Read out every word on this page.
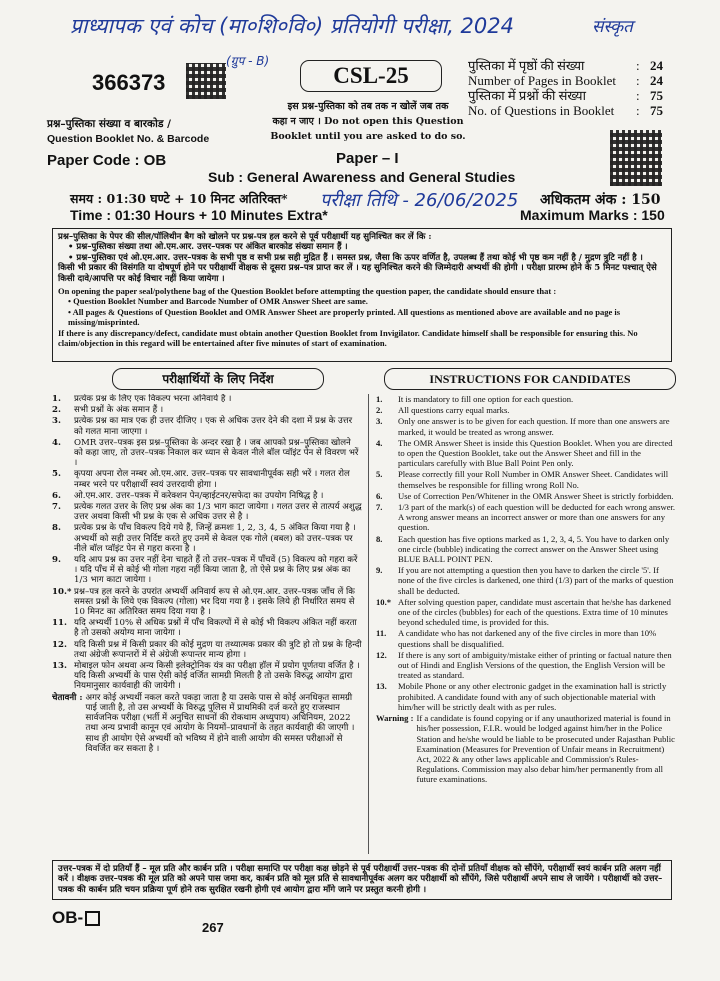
प्राध्यापक एवं कोच (मा०शि०वि०) प्रतियोगी परीक्षा, 2024	संस्कृत
366373
(ग्रुप - B)
प्रश्न–पुस्तिका संख्या व बारकोड /
Question Booklet No. & Barcode
Paper Code : OB
CSL-25
इस प्रश्न-पुस्तिका को तब तक न खोलें जब तक
कहा न जाए । Do not open this Question
Booklet until you are asked to do so.
पुस्तिका में पृष्ठों की संख्या	: 24
Number of Pages in Booklet	: 24
पुस्तिका में प्रश्नों की संख्या	: 75
No. of Questions in Booklet	: 75
Paper – I
Sub : General Awareness and General Studies
समय : 01:30 घण्टे + 10 मिनट अतिरिक्त*
Time : 01:30 Hours + 10 Minutes Extra*
परीक्षा तिथि - 26/06/2025 अधिकतम अंक : 150
Maximum Marks : 150
प्रश्न–पुस्तिका के पेपर की सील/पॉलिथीन बैग को खोलने पर प्रश्न-पत्र हल करने से पूर्व परीक्षार्थी यह सुनिश्चित कर लें कि :
• प्रश्न–पुस्तिका संख्या तथा ओ.एम.आर. उत्तर–पत्रक पर अंकित बारकोड संख्या समान हैं ।
• प्रश्न–पुस्तिका एवं ओ.एम.आर. उत्तर–पत्रक के सभी पृष्ठ व सभी प्रश्न सही मुद्रित हैं । समस्त प्रश्न, जैसा कि ऊपर वर्णित है, उपलब्ध हैं तथा कोई भी पृष्ठ कम नहीं है / मुद्रण त्रुटि नहीं है ।
किसी भी प्रकार की विसंगति या दोषपूर्ण होने पर परीक्षार्थी वीक्षक से दूसरा प्रश्न–पत्र प्राप्त कर लें । यह सुनिश्चित करने की जिम्मेदारी अभ्यर्थी की होगी । परीक्षा प्रारम्भ होने के 5 मिनट पश्चात् ऐसे किसी दावे/आपत्ति पर कोई विचार नहीं किया जायेगा ।
On opening the paper seal/polythene bag of the Question Booklet before attempting the question paper, the candidate should ensure that :
• Question Booklet Number and Barcode Number of OMR Answer Sheet are same.
• All pages & Questions of Question Booklet and OMR Answer Sheet are properly printed. All questions as mentioned above are available and no page is missing/misprinted.
If there is any discrepancy/defect, candidate must obtain another Question Booklet from Invigilator. Candidate himself shall be responsible for ensuring this. No claim/objection in this regard will be entertained after five minutes of start of examination.
परीक्षार्थियों के लिए निर्देश	INSTRUCTIONS FOR CANDIDATES
1.	प्रत्येक प्रश्न के लिए एक विकल्प भरना अनिवार्य है ।
2.	सभी प्रश्नों के अंक समान हैं ।
3.	प्रत्येक प्रश्न का मात्र एक ही उत्तर दीजिए । एक से अधिक उत्तर देने की दशा में प्रश्न के उत्तर को गलत माना जाएगा ।
4.	OMR उत्तर–पत्रक इस प्रश्न–पुस्तिका के अन्दर रखा है । जब आपको प्रश्न–पुस्तिका खोलने को कहा जाए, तो उत्तर–पत्रक निकाल कर ध्यान से केवल नीले बॉल प्वॉइंट पेन से विवरण भरें ।
5.	कृपया अपना रोल नम्बर ओ.एम.आर. उत्तर–पत्रक पर सावधानीपूर्वक सही भरें । गलत रोल नम्बर भरने पर परीक्षार्थी स्वयं उत्तरदायी होगा ।
6.	ओ.एम.आर. उत्तर–पत्रक में करेक्शन पेन/व्हाईटनर/सफेदा का उपयोग निषिद्ध है ।
7.	प्रत्येक गलत उत्तर के लिए प्रश्न अंक का 1/3 भाग काटा जायेगा । गलत उत्तर से तात्पर्य अशुद्ध उत्तर अथवा किसी भी प्रश्न के एक से अधिक उत्तर से है ।
8.	प्रत्येक प्रश्न के पाँच विकल्प दिये गये हैं, जिन्हें क्रमशः 1, 2, 3, 4, 5 अंकित किया गया है । अभ्यर्थी को सही उत्तर निर्दिष्ट करते हुए उनमें से केवल एक गोले (बबल) को उत्तर–पत्रक पर नीले बॉल प्वॉइंट पेन से गहरा करना है ।
9.	यदि आप प्रश्न का उत्तर नहीं देना चाहते हैं तो उत्तर–पत्रक में पाँचवें (5) विकल्प को गहरा करें । यदि पाँच में से कोई भी गोला गहरा नहीं किया जाता है, तो ऐसे प्रश्न के लिए प्रश्न अंक का 1/3 भाग काटा जायेगा ।
10.* प्रश्न–पत्र हल करने के उपरांत अभ्यर्थी अनिवार्य रूप से ओ.एम.आर. उत्तर–पत्रक जाँच लें कि समस्त प्रश्नों के लिये एक विकल्प (गोला) भर दिया गया है । इसके लिये ही निर्धारित समय से 10 मिनट का अतिरिक्त समय दिया गया है ।
11. यदि अभ्यर्थी 10% से अधिक प्रश्नों में पाँच विकल्पों में से कोई भी विकल्प अंकित नहीं करता है तो उसको अयोग्य माना जायेगा ।
12. यदि किसी प्रश्न में किसी प्रकार की कोई मुद्रण या तथ्यात्मक प्रकार की त्रुटि हो तो प्रश्न के हिन्दी तथा अंग्रेजी रूपान्तरों में से अंग्रेजी रूपान्तर मान्य होगा ।
13. मोबाइल फोन अथवा अन्य किसी इलेक्ट्रोनिक यंत्र का परीक्षा हॉल में प्रयोग पूर्णतया वर्जित है । यदि किसी अभ्यर्थी के पास ऐसी कोई वर्जित सामग्री मिलती है तो उसके विरुद्ध आयोग द्वारा नियमानुसार कार्यवाही की जायेगी ।
चेतावनी : अगर कोई अभ्यर्थी नकल करते पकड़ा जाता है या उसके पास से कोई अनधिकृत सामग्री पाई जाती है, तो उस अभ्यर्थी के विरुद्ध पुलिस में प्राथमिकी दर्ज करते हुए राजस्थान सार्वजनिक परीक्षा (भर्ती में अनुचित साधनों की रोकथाम अध्युपाय) अधिनियम, 2022 तथा अन्य प्रभावी कानून एवं आयोग के नियमों–प्रावधानों के तहत कार्यवाही की जाएगी । साथ ही आयोग ऐसे अभ्यर्थी को भविष्य में होने वाली आयोग की समस्त परीक्षाओं से विवर्जित कर सकता है ।
1.	It is mandatory to fill one option for each question.
2.	All questions carry equal marks.
3.	Only one answer is to be given for each question. If more than one answers are marked, it would be treated as wrong answer.
4.	The OMR Answer Sheet is inside this Question Booklet. When you are directed to open the Question Booklet, take out the Answer Sheet and fill in the particulars carefully with Blue Ball Point Pen only.
5.	Please correctly fill your Roll Number in OMR Answer Sheet. Candidates will themselves be responsible for filling wrong Roll No.
6.	Use of Correction Pen/Whitener in the OMR Answer Sheet is strictly forbidden.
7.	1/3 part of the mark(s) of each question will be deducted for each wrong answer. A wrong answer means an incorrect answer or more than one answers for any question.
8.	Each question has five options marked as 1, 2, 3, 4, 5. You have to darken only one circle (bubble) indicating the correct answer on the Answer Sheet using BLUE BALL POINT PEN.
9.	If you are not attempting a question then you have to darken the circle '5'. If none of the five circles is darkened, one third (1/3) part of the marks of question shall be deducted.
10.* After solving question paper, candidate must ascertain that he/she has darkened one of the circles (bubbles) for each of the questions. Extra time of 10 minutes beyond scheduled time, is provided for this.
11.	A candidate who has not darkened any of the five circles in more than 10% questions shall be disqualified.
12.	If there is any sort of ambiguity/mistake either of printing or factual nature then out of Hindi and English Versions of the question, the English Version will be treated as standard.
13.	Mobile Phone or any other electronic gadget in the examination hall is strictly prohibited. A candidate found with any of such objectionable material with him/her will be strictly dealt with as per rules.
Warning : If a candidate is found copying or if any unauthorized material is found in his/her possession, F.I.R. would be lodged against him/her in the Police Station and he/she would be liable to be prosecuted under Rajasthan Public Examination (Measures for Prevention of Unfair means in Recruitment) Act, 2022 & any other laws applicable and Commission's Rules-Regulations. Commission may also debar him/her permanently from all future examinations.
उत्तर–पत्रक में दो प्रतियाँ हैं – मूल प्रति और कार्बन प्रति । परीक्षा समाप्ति पर परीक्षा कक्ष छोड़ने से पूर्व परीक्षार्थी उत्तर–पत्रक की दोनों प्रतियाँ वीक्षक को सौंपेंगे, परीक्षार्थी स्वयं कार्बन प्रति अलग नहीं करें । वीक्षक उत्तर–पत्रक की मूल प्रति को अपने पास जमा कर, कार्बन प्रति को मूल प्रति से सावधानीपूर्वक अलग कर परीक्षार्थी को सौंपेंगे, जिसे परीक्षार्थी अपने साथ ले जायेंगे । परीक्षार्थी को उत्तर–पत्रक की कार्बन प्रति चयन प्रक्रिया पूर्ण होने तक सुरक्षित रखनी होगी एवं आयोग द्वारा माँगे जाने पर प्रस्तुत करनी होगी ।
OB-
267
